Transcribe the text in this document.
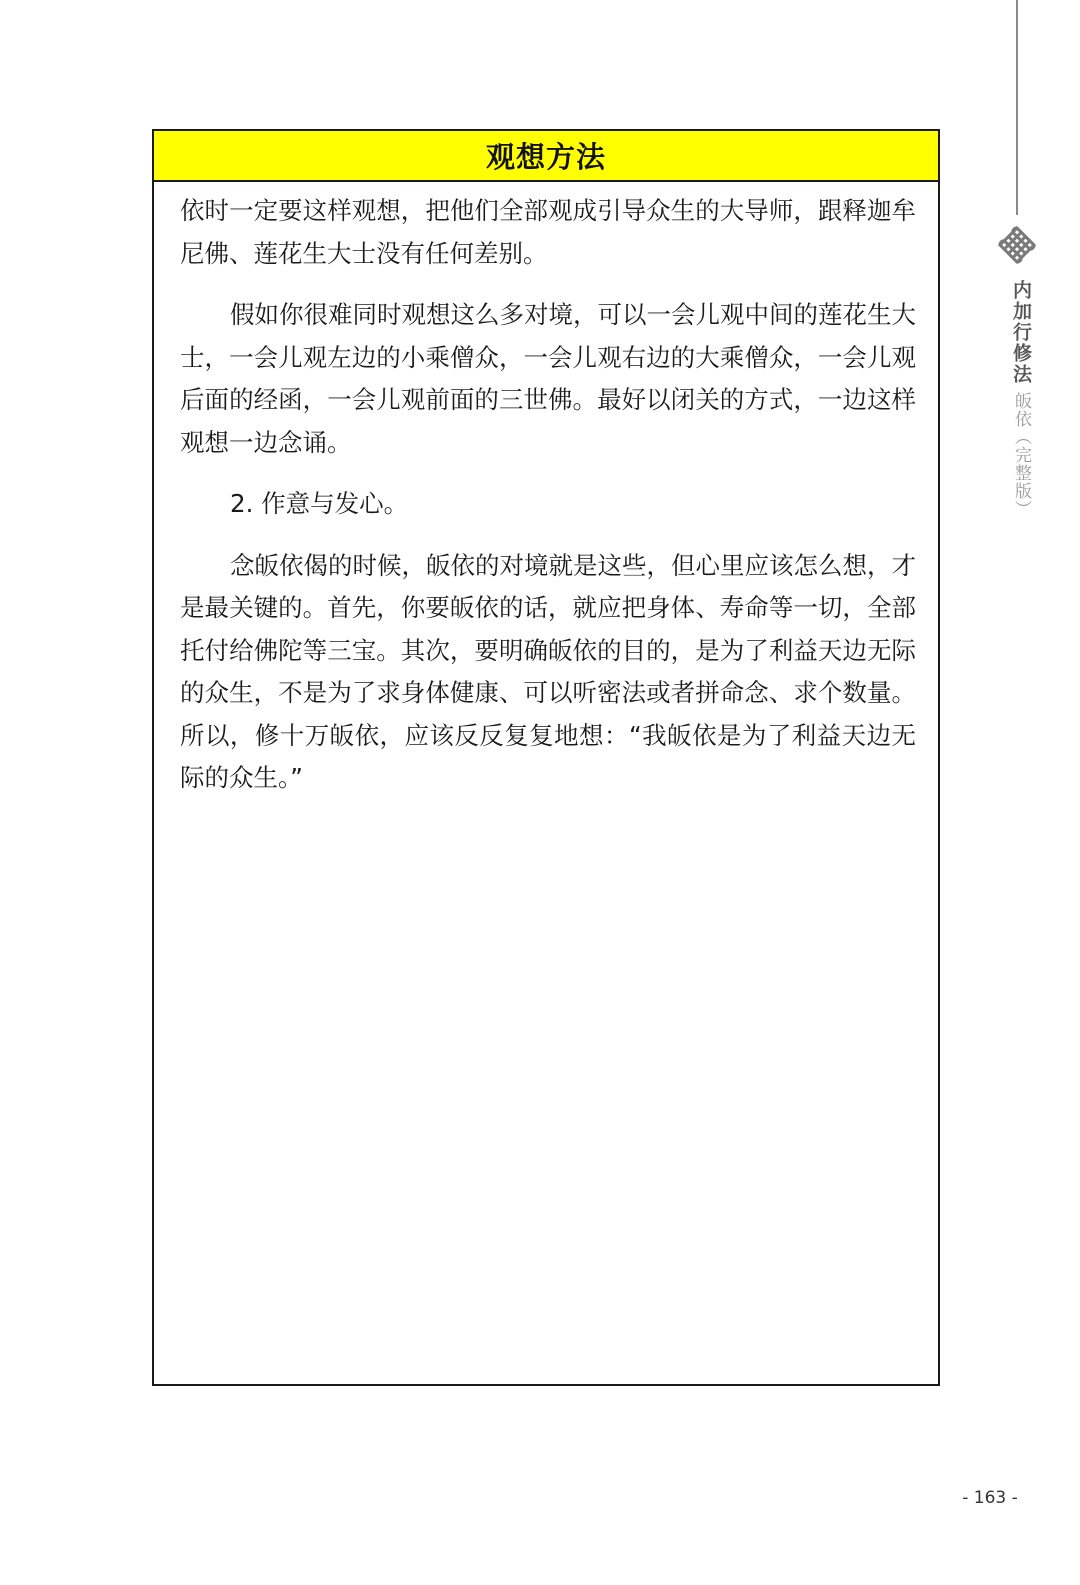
内加行修法
皈依（完整版）
观想方法

依时一定要这样观想，把他们全部观成引导众生的大导师，跟释迦牟尼佛、莲花生大士没有任何差别。

假如你很难同时观想这么多对境，可以一会儿观中间的莲花生大士，一会儿观左边的小乘僧众，一会儿观右边的大乘僧众，一会儿观后面的经函，一会儿观前面的三世佛。最好以闭关的方式，一边这样观想一边念诵。

2. 作意与发心。

念皈依偈的时候，皈依的对境就是这些，但心里应该怎么想，才是最关键的。首先，你要皈依的话，就应把身体、寿命等一切，全部托付给佛陀等三宝。其次，要明确皈依的目的，是为了利益天边无际的众生，不是为了求身体健康、可以听密法或者拼命念、求个数量。所以，修十万皈依，应该反反复复地想：“我皈依是为了利益天边无际的众生。”

- 163 -
